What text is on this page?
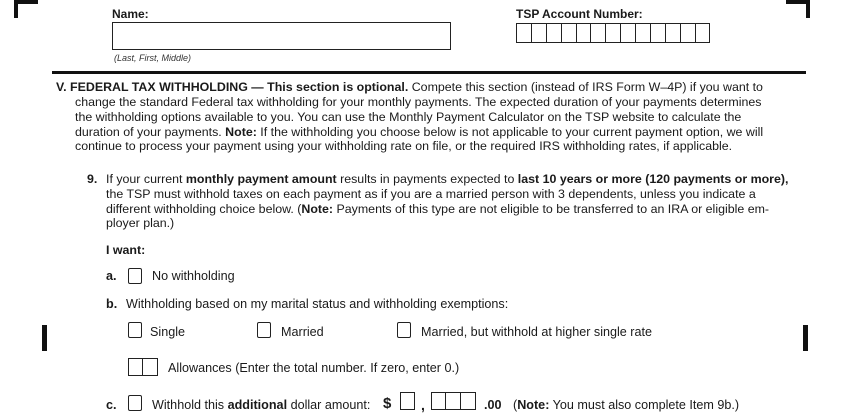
Name:
(Last, First, Middle)
TSP Account Number:
V. FEDERAL TAX WITHHOLDING — This section is optional. Compete this section (instead of IRS Form W–4P) if you want to
change the standard Federal tax withholding for your monthly payments. The expected duration of your payments determines
the withholding options available to you. You can use the Monthly Payment Calculator on the TSP website to calculate the
duration of your payments. Note: If the withholding you choose below is not applicable to your current payment option, we will
continue to process your payment using your withholding rate on file, or the required IRS withholding rates, if applicable.
9. If your current monthly payment amount results in payments expected to last 10 years or more (120 payments or more),
the TSP must withhold taxes on each payment as if you are a married person with 3 dependents, unless you indicate a
different withholding choice below. (Note: Payments of this type are not eligible to be transferred to an IRA or eligible em-
ployer plan.)
I want:
a.	No withholding
b. Withholding based on my marital status and withholding exemptions:
Single	Married	Married, but withhold at higher single rate
Allowances (Enter the total number. If zero, enter 0.)
c.	Withhold this additional dollar amount: $ ,	.00 (Note: You must also complete Item 9b.)
